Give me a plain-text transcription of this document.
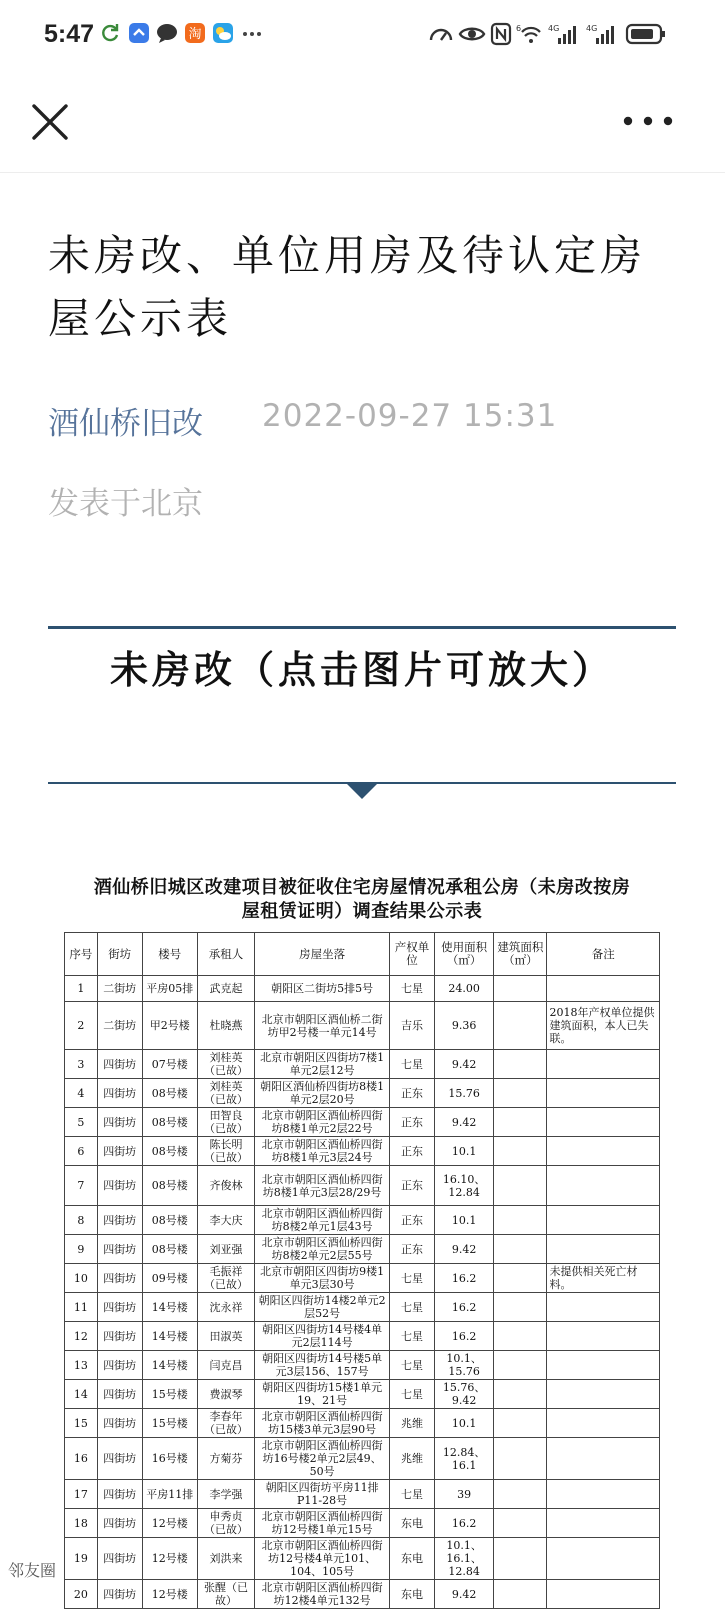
5:47	淘	6	4G	4G
未房改、单位用房及待认定房屋公示表
酒仙桥旧改 2022-09-27 15:31
发表于北京
未房改（点击图片可放大）
酒仙桥旧城区改建项目被征收住宅房屋情况承租公房（未房改按房
屋租赁证明）调查结果公示表
序号	街坊	楼号	承租人	房屋坐落	产权单位	使用面积（㎡）	建筑面积（㎡）	备注
1	二街坊	平房05排	武克起	朝阳区二街坊5排5号	七星	24.00		
2	二街坊	甲2号楼	杜晓燕	北京市朝阳区酒仙桥二街坊甲2号楼一单元14号	吉乐	9.36		2018年产权单位提供建筑面积，本人已失联。
3	四街坊	07号楼	刘桂英（已故）	北京市朝阳区四街坊7楼1单元2层12号	七星	9.42		
4	四街坊	08号楼	刘桂英（已故）	朝阳区酒仙桥四街坊8楼1单元2层20号	正东	15.76		
5	四街坊	08号楼	田智良（已故）	北京市朝阳区酒仙桥四街坊8楼1单元2层22号	正东	9.42		
6	四街坊	08号楼	陈长明（已故）	北京市朝阳区酒仙桥四街坊8楼1单元3层24号	正东	10.1		
7	四街坊	08号楼	齐俊林	北京市朝阳区酒仙桥四街坊8楼1单元3层28/29号	正东	16.10、12.84		
8	四街坊	08号楼	李大庆	北京市朝阳区酒仙桥四街坊8楼2单元1层43号	正东	10.1		
9	四街坊	08号楼	刘亚强	北京市朝阳区酒仙桥四街坊8楼2单元2层55号	正东	9.42		
10	四街坊	09号楼	毛振祥（已故）	北京市朝阳区四街坊9楼1单元3层30号	七星	16.2		未提供相关死亡材料。
11	四街坊	14号楼	沈永祥	朝阳区四街坊14楼2单元2层52号	七星	16.2		
12	四街坊	14号楼	田淑英	朝阳区四街坊14号楼4单元2层114号	七星	16.2		
13	四街坊	14号楼	闫克昌	朝阳区四街坊14号楼5单元3层156、157号	七星	10.1、15.76		
14	四街坊	15号楼	费淑琴	朝阳区四街坊15楼1单元19、21号	七星	15.76、9.42		
15	四街坊	15号楼	李春年（已故）	北京市朝阳区酒仙桥四街坊15楼3单元3层90号	兆维	10.1		
16	四街坊	16号楼	方菊芬	北京市朝阳区酒仙桥四街坊16号楼2单元2层49、50号	兆维	12.84、16.1		
17	四街坊	平房11排	李学强	朝阳区四街坊平房11排P11-28号	七星	39		
18	四街坊	12号楼	申秀贞（已故）	北京市朝阳区酒仙桥四街坊12号楼1单元15号	东电	16.2		
19	四街坊	12号楼	刘洪来	北京市朝阳区酒仙桥四街坊12号楼4单元101、104、105号	东电	10.1、16.1、12.84		
20	四街坊	12号楼	张醒（已故）	北京市朝阳区酒仙桥四街坊12楼4单元132号	东电	9.42		
邻友圈
